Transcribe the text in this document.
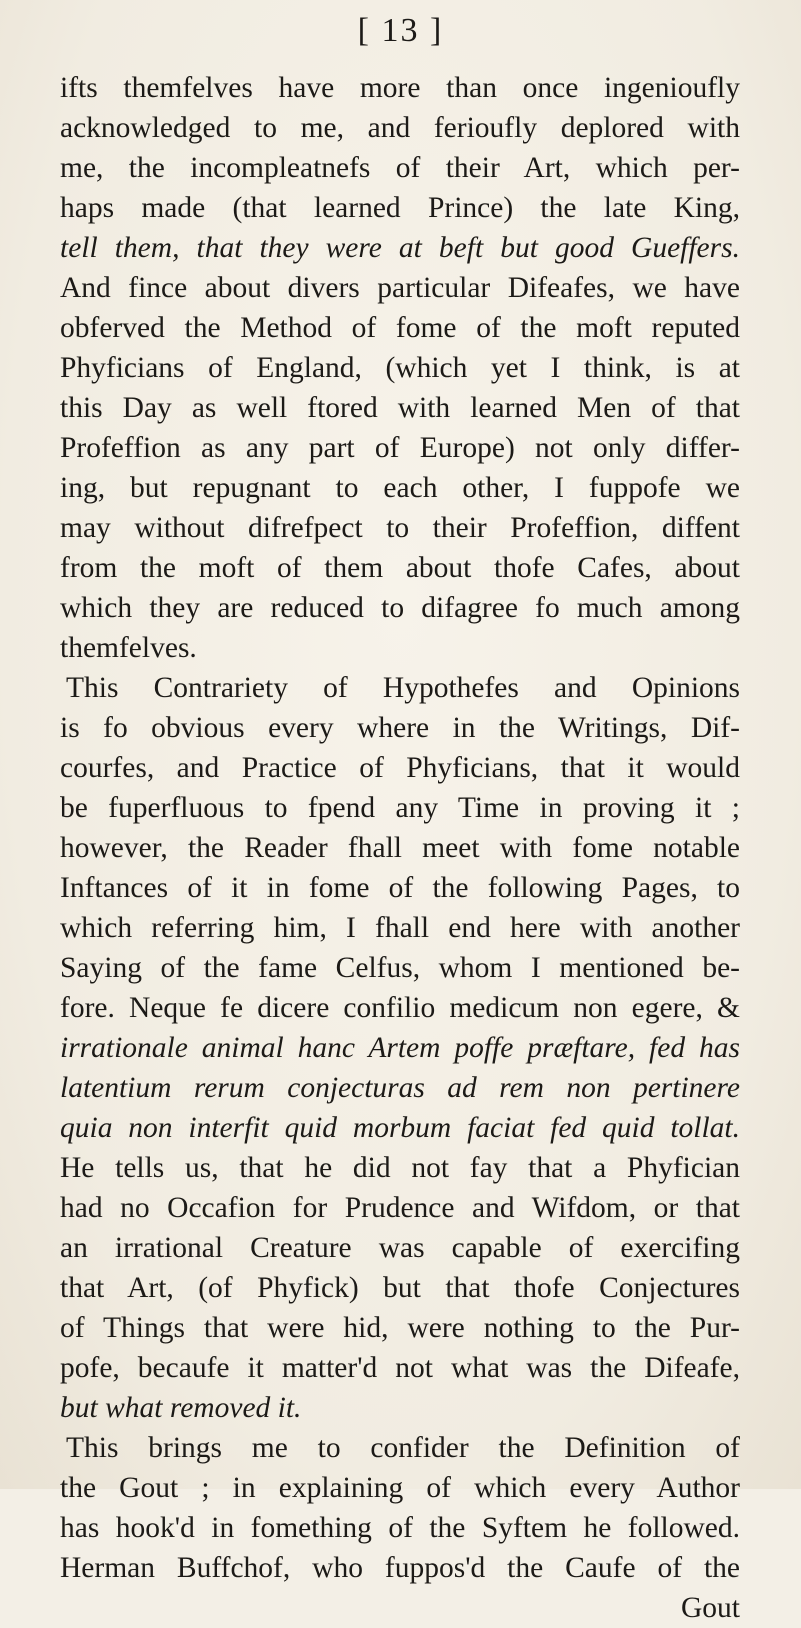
[ 13 ]
ifts themfelves have more than once ingenioufly
acknowledged to me, and ferioufly deplored with
me, the incompleatnefs of their Art, which per-
haps made (that learned Prince) the late King,
tell them, that they were at beft but good Gueffers.
And fince about divers particular Difeafes, we have
obferved the Method of fome of the moft reputed
Phyficians of England, (which yet I think, is at
this Day as well ftored with learned Men of that
Profeffion as any part of Europe) not only differ-
ing, but repugnant to each other, I fuppofe we
may without difrefpect to their Profeffion, diffent
from the moft of them about thofe Cafes, about
which they are reduced to difagree fo much among
themfelves.
This Contrariety of Hypothefes and Opinions
is fo obvious every where in the Writings, Dif-
courfes, and Practice of Phyficians, that it would
be fuperfluous to fpend any Time in proving it ;
however, the Reader fhall meet with fome notable
Inftances of it in fome of the following Pages, to
which referring him, I fhall end here with another
Saying of the fame Celfus, whom I mentioned be-
fore. Neque fe dicere confilio medicum non egere, &
irrationale animal hanc Artem poffe præftare, fed has
latentium rerum conjecturas ad rem non pertinere
quia non interfit quid morbum faciat fed quid tollat.
He tells us, that he did not fay that a Phyfician
had no Occafion for Prudence and Wifdom, or that
an irrational Creature was capable of exercifing
that Art, (of Phyfick) but that thofe Conjectures
of Things that were hid, were nothing to the Pur-
pofe, becaufe it matter'd not what was the Difeafe,
but what removed it.
This brings me to confider the Definition of
the Gout ; in explaining of which every Author
has hook'd in fomething of the Syftem he followed.
Herman Buffchof, who fuppos'd the Caufe of the
Gout
